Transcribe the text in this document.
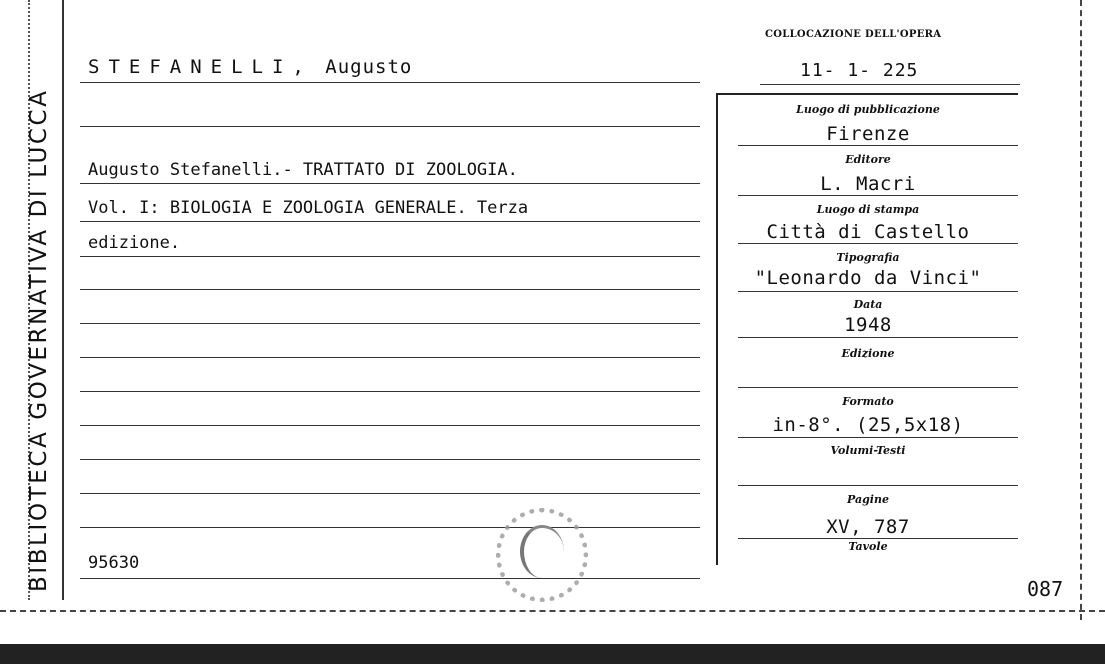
BIBLIOTECA GOVERNATIVA DI LUCCA
COLLOCAZIONE DELL'OPERA
STEFANELLI, Augusto	11- 1- 225
Augusto Stefanelli.- TRATTATO DI ZOOLOGIA.
Vol. I: BIOLOGIA E ZOOLOGIA GENERALE. Terza
edizione.
95630
Luogo di pubblicazione
Firenze
Editore
L. Macri
Luogo di stampa
Città di Castello
Tipografia
"Leonardo da Vinci"
Data
1948
Edizione
Formato
in-8°. (25,5x18)
Volumi-Testi
Pagine
XV, 787
Tavole
087
